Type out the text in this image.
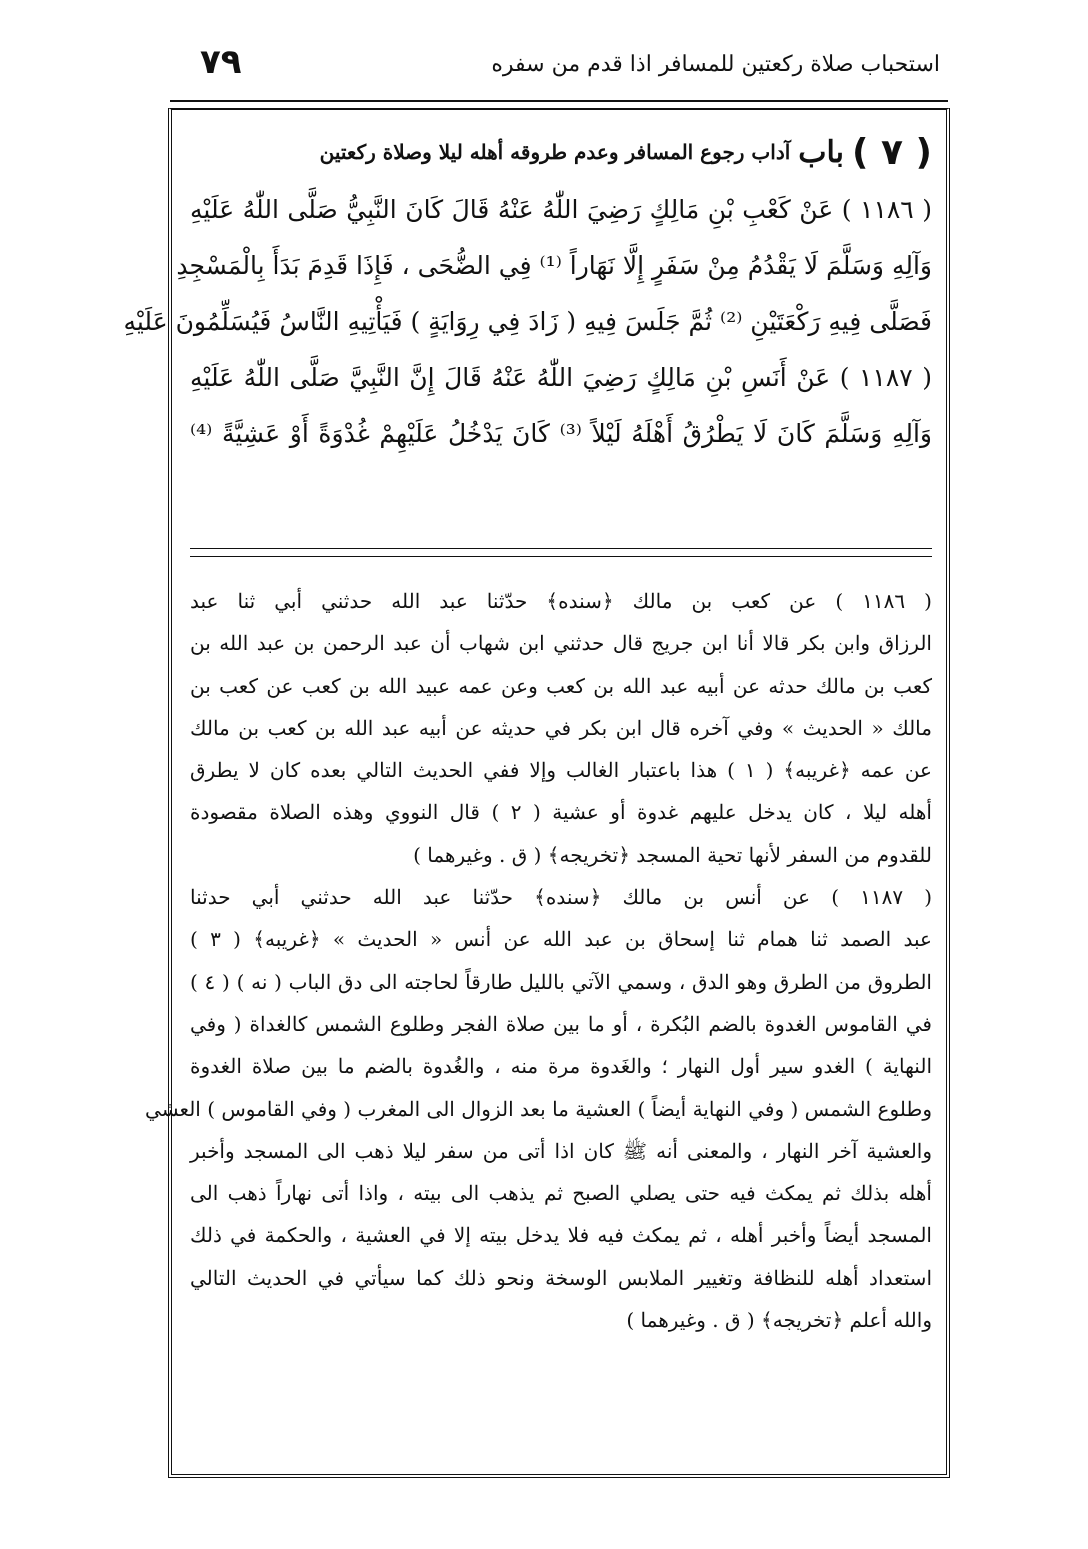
٧٩	استحباب صلاة ركعتين للمسافر اذا قدم من سفره
( ٧ )
باب
آداب رجوع المسافر وعدم طروقه أهله ليلا وصلاة ركعتين
( ١١٨٦ ) عَنْ كَعْبِ بْنِ مَالِكٍ رَضِيَ اللّٰهُ عَنْهُ قَالَ كَانَ النَّبِيُّ صَلَّى اللّٰهُ عَلَيْهِ
وَآلِهِ وَسَلَّمَ لَا يَقْدُمُ مِنْ سَفَرٍ إِلَّا نَهَاراً ⁽¹⁾ فِي الضُّحَى ، فَإِذَا قَدِمَ بَدَأَ بِالْمَسْجِدِ
فَصَلَّى فِيهِ رَكْعَتَيْنِ ⁽²⁾ ثُمَّ جَلَسَ فِيهِ ( زَادَ فِي رِوَايَةٍ ) فَيَأْتِيهِ النَّاسُ فَيُسَلِّمُونَ عَلَيْهِ
( ١١٨٧ ) عَنْ أَنَسِ بْنِ مَالِكٍ رَضِيَ اللّٰهُ عَنْهُ قَالَ إِنَّ النَّبِيَّ صَلَّى اللّٰهُ عَلَيْهِ
وَآلِهِ وَسَلَّمَ كَانَ لَا يَطْرُقُ أَهْلَهُ لَيْلاً ⁽³⁾ كَانَ يَدْخُلُ عَلَيْهِمْ غُدْوَةً أَوْ عَشِيَّةً ⁽⁴⁾
( ١١٨٦ ) عن كعب بن مالك ﴿سنده﴾ حدّثنا عبد الله حدثني أبي ثنا عبد
الرزاق وابن بكر قالا أنا ابن جريج قال حدثني ابن شهاب أن عبد الرحمن بن عبد الله بن
كعب بن مالك حدثه عن أبيه عبد الله بن كعب وعن عمه عبيد الله بن كعب عن كعب بن
مالك « الحديث » وفي آخره قال ابن بكر في حديثه عن أبيه عبد الله بن كعب بن مالك
عن عمه ﴿غريبه﴾ ( ١ ) هذا باعتبار الغالب وإلا ففي الحديث التالي بعده كان لا يطرق
أهله ليلا ، كان يدخل عليهم غدوة أو عشية ( ٢ ) قال النووي وهذه الصلاة مقصودة
للقدوم من السفر لأنها تحية المسجد ﴿تخريجه﴾ ( ق . وغيرهما )
( ١١٨٧ ) عن أنس بن مالك ﴿سنده﴾ حدّثنا عبد الله حدثني أبي حدثنا
عبد الصمد ثنا همام ثنا إسحاق بن عبد الله عن أنس « الحديث » ﴿غريبه﴾ ( ٣ )
الطروق من الطرق وهو الدق ، وسمي الآتي بالليل طارقاً لحاجته الى دق الباب ( نه ) ( ٤ )
في القاموس الغدوة بالضم البُكرة ، أو ما بين صلاة الفجر وطلوع الشمس كالغداة ( وفي
النهاية ) الغدو سير أول النهار ؛ والغَدوة مرة منه ، والغُدوة بالضم ما بين صلاة الغدوة
وطلوع الشمس ( وفي النهاية أيضاً ) العشية ما بعد الزوال الى المغرب ( وفي القاموس ) العشي
والعشية آخر النهار ، والمعنى أنه ﷺ كان اذا أتى من سفر ليلا ذهب الى المسجد وأخبر
أهله بذلك ثم يمكث فيه حتى يصلي الصبح ثم يذهب الى بيته ، واذا أتى نهاراً ذهب الى
المسجد أيضاً وأخبر أهله ، ثم يمكث فيه فلا يدخل بيته إلا في العشية ، والحكمة في ذلك
استعداد أهله للنظافة وتغيير الملابس الوسخة ونحو ذلك كما سيأتي في الحديث التالي
والله أعلم ﴿تخريجه﴾ ( ق . وغيرهما )
